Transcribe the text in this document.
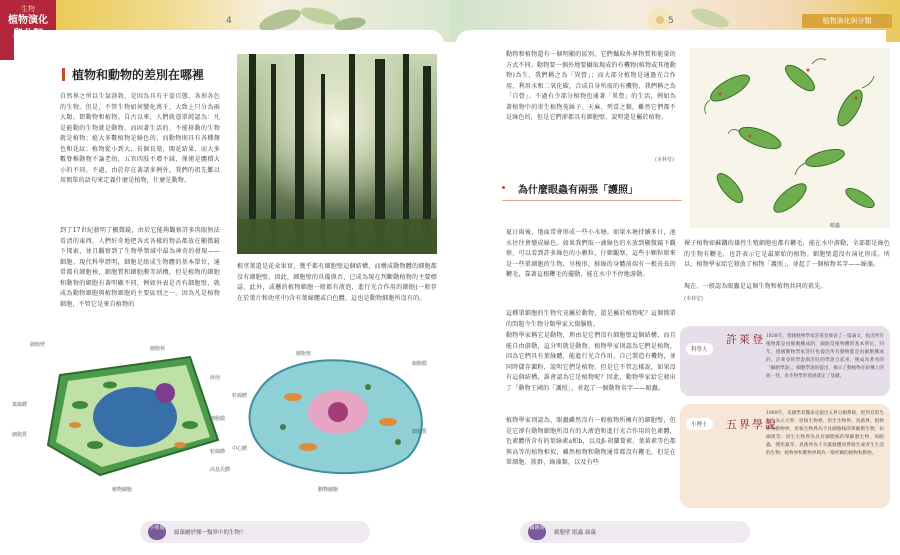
生物
植物演化	4
植物和動物的差別在哪裡
自然界之所以生氣勃勃，是因為具有千姿百態、各形各色的生物。但是，不管生物如何變化萬千，大致上只分為兩大類，即動物和植物。自古以來，人們就憑單純認為：凡是能動的生物就是動物，而固著生活的、不能移動的生物就是植物；絕大多數植物是綠色的，而動物則具有各種顏色和花紋；植物從小到大，長個長葉，開花結果，而大多數脊椎動物不論老幼，五官四肢不增不減，僅僅是體積大小的不同。不過，由於存在著諸多例外，我們的祖先難以用簡單的語句來定義什麼是植物，什麼是動物。
到了17世紀發明了顯微鏡，由於它能夠觀察許多肉眼無法看清的東西，人們好奇地把各式各樣的物品都放在顯微鏡下探索，並且觀察到了生物學領域中最為神奇的發現——細胞。現代科學證明，細胞是組成生物體的基本單位，通常都有細胞核，細胞質和細胞膜等結構，但是植物的細胞和動物的細胞有著明顯不同，例如外表是否有細胞壁，就成為動物細胞與植物細胞的主要區別之一。因為凡是植物細胞，不管它是來自植物的
根莖葉還是花朵果實，幾乎都有細胞壁這個結構，而構成動物體的細胞都沒有細胞壁。因此，細胞壁的具備與否，已成為現在判斷動植物的主要標誌。此外，或懸的植物細胞一般都有液泡，進行光合作用的細胞(一般存在於葉片和幼莖中)含有葉綠體或白色體，這也是動物細胞所沒有的。
細胞壁
細胞核
液泡
葉綠體
細胞膜
細胞質
粒線體
高基氏體
植物細胞
細胞核
細胞膜
粒線體
細胞質
中心體
動物細胞
小問題
綠藻屬於哪一類界中的生物？
5	植物演化與分類
動物和植物還有一個明顯的區別，它們攝取外界物質和能量的方式不同。動物要一個外地要攝取現成的有機物(植物或其他動物)為生，我們稱之為「異營」；而大部分植物是通過光合作用，利用水和二氧化碳，合成自身所需的有機物，我們稱之為「自營」。不過有少部分植物也通著「異營」的生活，例如為著植物中的寄生植物菟絲子、天麻、列當之類，雖然它們都不是綠色的，但是它們卻都具有細胞壁，說明還是屬於植物。
(本林堂)
為什麼眼蟲有兩張「護照」
夏日雨後，地面常會形成一些小水塘。如果水塘持續多日，池水往往會變成綠色。如果我們取一滴綠色的水放到顯微鏡下觀察，可以看到許多綠色的小顆粒，仔細觀察，這些小顆粒原來是一些單細胞的生物，呈梭形，鮮綠的身體前端有一根長長的鞭毛，靠著這根鞭毛的擺動，能在水中不停地游動。
這種單細胞的生物究竟屬於動物，還是屬於植物呢？這個簡單的問題令生物分類學家大傷腦筋。
動物學家稱它是動物，理由是它們沒有細胞壁這個結構，而且能自由游動，這分明就是動物。植物學家則認為它們是植物，因為它們具有葉綠體，能進行光合作用，自己製造有機物，並同時儲存澱粉，說明它們是植物。但是它不管怎樣說，如果沒有這個結構，誰會認為它是植物呢？因此，動物學家給它發出了「動物王國的「護照」，並起了一個動物名字——眼蟲。
植物學家則認為，眼蟲雖然沒有一般植物所擁有的細胞壁，但是它卻有動物細胞所沒有的大液泡和進行光合作用的色素體，色素體所含有的葉綠素a和b，以及β-胡蘿蔔素、葉黃素等色都與高等的植物相似，雖然植物和動物通常都沒有鞭毛，但是在單細胞、簇群、綠藻類，以及有些
眼蟲
裸子植物如蘇鐵的雄性生殖細胞也都有鞭毛，能在水中游動，全部都是綠色的生物有鞭毛，也許表示它是最原始的植物。細胞壁還沒有演化形成。所以，植物學家給它發放了植物「護照」，並起了一個植物名字——綠藻。
現在，一般認為眼蟲是這個生物和植物共同的祖先。
(本林堂)
科學人
許萊登 1838年，德國植物學家許萊登發表了一篇論文，指出所有植物都是由細胞構成的，細胞是植物體的基本單位，同年，德國動物學家許旺也提出所有動物都是由細胞構成的。許萊登的學說與許旺的學說合起來，便成為著名的「細胞學說」。細胞學說的提出，揭示了動植物在結構上的統一性，為生物學的發展奠定了基礎。
小博士	五界學說
1969年，美國學者魏泰克提出五界分類系統，把所有的生物分為五大界：原核生物界、原生生物界、真菌界、植物界和動物界。原核生物界為不具細胞核的單細胞生物，如細菌等；原生生物界為具有細胞核的單細胞生物，如眼蟲、變形蟲等；真菌界為不具葉綠體而營腐生或寄生生活的生物；植物界和動物界則為一般所稱的植物和動物。
關鍵詞
細胞壁 眼蟲 綠藻
